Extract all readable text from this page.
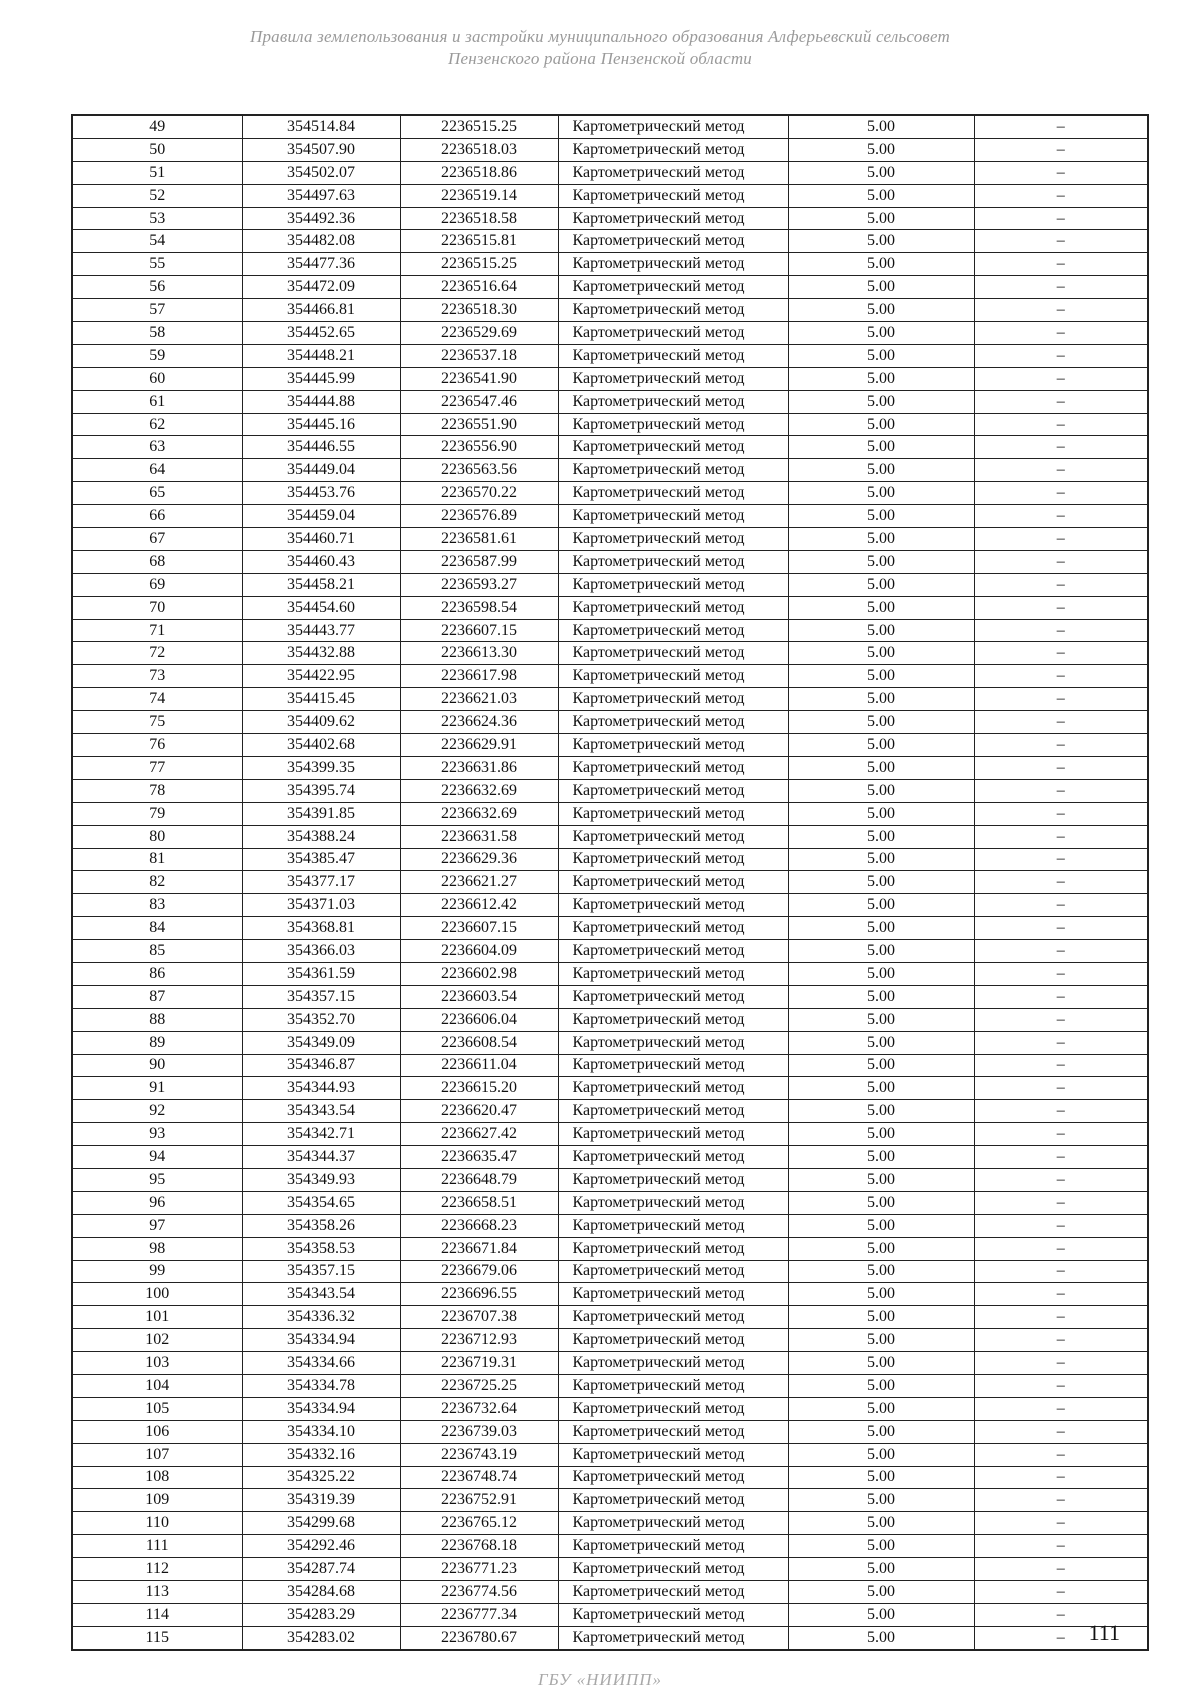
Правила землепользования и застройки муниципального образования Алферьевский сельсовет
Пензенского района Пензенской области
49	354514.84	2236515.25	Картометрический метод	5.00	–
50	354507.90	2236518.03	Картометрический метод	5.00	–
51	354502.07	2236518.86	Картометрический метод	5.00	–
52	354497.63	2236519.14	Картометрический метод	5.00	–
53	354492.36	2236518.58	Картометрический метод	5.00	–
54	354482.08	2236515.81	Картометрический метод	5.00	–
55	354477.36	2236515.25	Картометрический метод	5.00	–
56	354472.09	2236516.64	Картометрический метод	5.00	–
57	354466.81	2236518.30	Картометрический метод	5.00	–
58	354452.65	2236529.69	Картометрический метод	5.00	–
59	354448.21	2236537.18	Картометрический метод	5.00	–
60	354445.99	2236541.90	Картометрический метод	5.00	–
61	354444.88	2236547.46	Картометрический метод	5.00	–
62	354445.16	2236551.90	Картометрический метод	5.00	–
63	354446.55	2236556.90	Картометрический метод	5.00	–
64	354449.04	2236563.56	Картометрический метод	5.00	–
65	354453.76	2236570.22	Картометрический метод	5.00	–
66	354459.04	2236576.89	Картометрический метод	5.00	–
67	354460.71	2236581.61	Картометрический метод	5.00	–
68	354460.43	2236587.99	Картометрический метод	5.00	–
69	354458.21	2236593.27	Картометрический метод	5.00	–
70	354454.60	2236598.54	Картометрический метод	5.00	–
71	354443.77	2236607.15	Картометрический метод	5.00	–
72	354432.88	2236613.30	Картометрический метод	5.00	–
73	354422.95	2236617.98	Картометрический метод	5.00	–
74	354415.45	2236621.03	Картометрический метод	5.00	–
75	354409.62	2236624.36	Картометрический метод	5.00	–
76	354402.68	2236629.91	Картометрический метод	5.00	–
77	354399.35	2236631.86	Картометрический метод	5.00	–
78	354395.74	2236632.69	Картометрический метод	5.00	–
79	354391.85	2236632.69	Картометрический метод	5.00	–
80	354388.24	2236631.58	Картометрический метод	5.00	–
81	354385.47	2236629.36	Картометрический метод	5.00	–
82	354377.17	2236621.27	Картометрический метод	5.00	–
83	354371.03	2236612.42	Картометрический метод	5.00	–
84	354368.81	2236607.15	Картометрический метод	5.00	–
85	354366.03	2236604.09	Картометрический метод	5.00	–
86	354361.59	2236602.98	Картометрический метод	5.00	–
87	354357.15	2236603.54	Картометрический метод	5.00	–
88	354352.70	2236606.04	Картометрический метод	5.00	–
89	354349.09	2236608.54	Картометрический метод	5.00	–
90	354346.87	2236611.04	Картометрический метод	5.00	–
91	354344.93	2236615.20	Картометрический метод	5.00	–
92	354343.54	2236620.47	Картометрический метод	5.00	–
93	354342.71	2236627.42	Картометрический метод	5.00	–
94	354344.37	2236635.47	Картометрический метод	5.00	–
95	354349.93	2236648.79	Картометрический метод	5.00	–
96	354354.65	2236658.51	Картометрический метод	5.00	–
97	354358.26	2236668.23	Картометрический метод	5.00	–
98	354358.53	2236671.84	Картометрический метод	5.00	–
99	354357.15	2236679.06	Картометрический метод	5.00	–
100	354343.54	2236696.55	Картометрический метод	5.00	–
101	354336.32	2236707.38	Картометрический метод	5.00	–
102	354334.94	2236712.93	Картометрический метод	5.00	–
103	354334.66	2236719.31	Картометрический метод	5.00	–
104	354334.78	2236725.25	Картометрический метод	5.00	–
105	354334.94	2236732.64	Картометрический метод	5.00	–
106	354334.10	2236739.03	Картометрический метод	5.00	–
107	354332.16	2236743.19	Картометрический метод	5.00	–
108	354325.22	2236748.74	Картометрический метод	5.00	–
109	354319.39	2236752.91	Картометрический метод	5.00	–
110	354299.68	2236765.12	Картометрический метод	5.00	–
111	354292.46	2236768.18	Картометрический метод	5.00	–
112	354287.74	2236771.23	Картометрический метод	5.00	–
113	354284.68	2236774.56	Картометрический метод	5.00	–
114	354283.29	2236777.34	Картометрический метод	5.00	–
115	354283.02	2236780.67	Картометрический метод	5.00	–	111
ГБУ «НИИПП»
